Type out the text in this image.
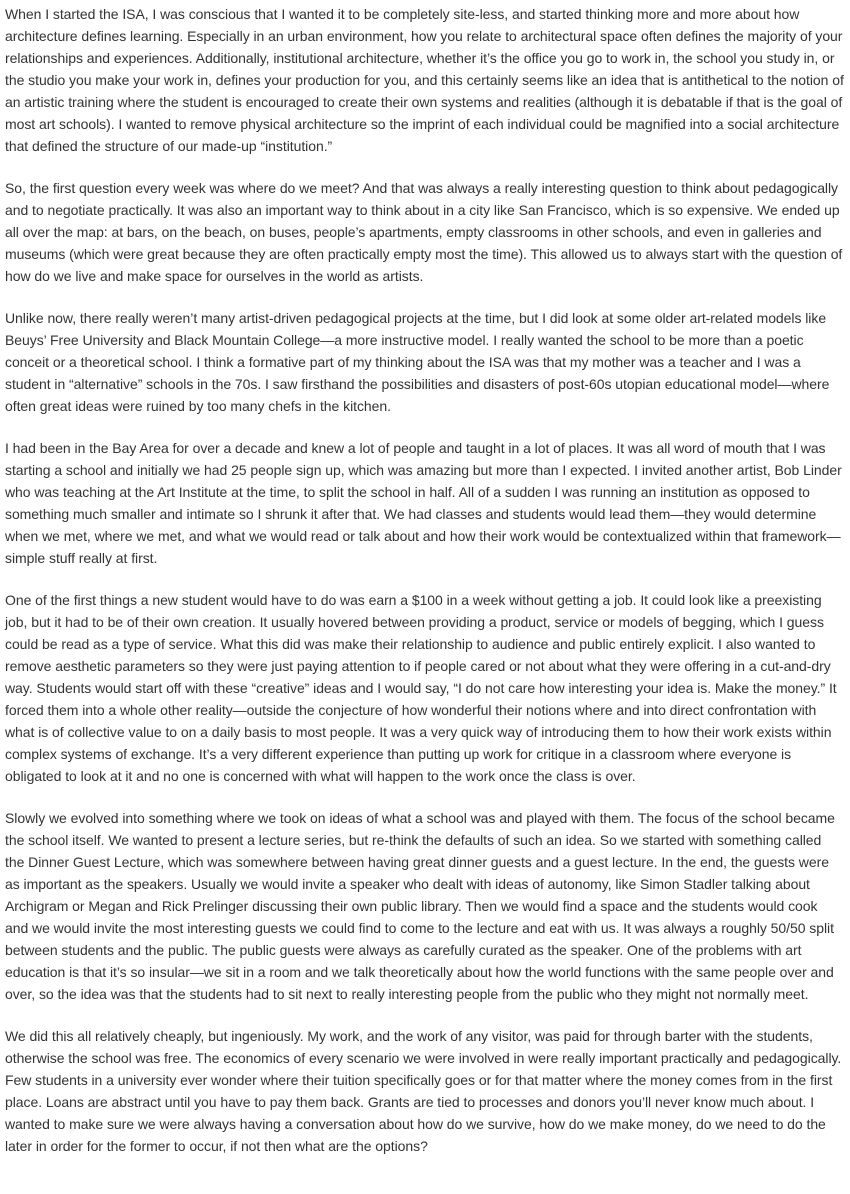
When I started the ISA, I was conscious that I wanted it to be completely site-less, and started thinking more and more about how architecture defines learning. Especially in an urban environment, how you relate to architectural space often defines the majority of your relationships and experiences. Additionally, institutional architecture, whether it’s the office you go to work in, the school you study in, or the studio you make your work in, defines your production for you, and this certainly seems like an idea that is antithetical to the notion of an artistic training where the student is encouraged to create their own systems and realities (although it is debatable if that is the goal of most art schools). I wanted to remove physical architecture so the imprint of each individual could be magnified into a social architecture that defined the structure of our made-up “institution.”

So, the first question every week was where do we meet? And that was always a really interesting question to think about pedagogically and to negotiate practically. It was also an important way to think about in a city like San Francisco, which is so expensive. We ended up all over the map: at bars, on the beach, on buses, people’s apartments, empty classrooms in other schools, and even in galleries and museums (which were great because they are often practically empty most the time). This allowed us to always start with the question of how do we live and make space for ourselves in the world as artists.

Unlike now, there really weren’t many artist-driven pedagogical projects at the time, but I did look at some older art-related models like Beuys’ Free University and Black Mountain College—a more instructive model. I really wanted the school to be more than a poetic conceit or a theoretical school. I think a formative part of my thinking about the ISA was that my mother was a teacher and I was a student in “alternative” schools in the 70s. I saw firsthand the possibilities and disasters of post-60s utopian educational model—where often great ideas were ruined by too many chefs in the kitchen.

I had been in the Bay Area for over a decade and knew a lot of people and taught in a lot of places. It was all word of mouth that I was starting a school and initially we had 25 people sign up, which was amazing but more than I expected. I invited another artist, Bob Linder who was teaching at the Art Institute at the time, to split the school in half. All of a sudden I was running an institution as opposed to something much smaller and intimate so I shrunk it after that. We had classes and students would lead them—they would determine when we met, where we met, and what we would read or talk about and how their work would be contextualized within that framework—simple stuff really at first.

One of the first things a new student would have to do was earn a $100 in a week without getting a job. It could look like a preexisting job, but it had to be of their own creation. It usually hovered between providing a product, service or models of begging, which I guess could be read as a type of service. What this did was make their relationship to audience and public entirely explicit. I also wanted to remove aesthetic parameters so they were just paying attention to if people cared or not about what they were offering in a cut-and-dry way. Students would start off with these “creative” ideas and I would say, “I do not care how interesting your idea is. Make the money.” It forced them into a whole other reality—outside the conjecture of how wonderful their notions where and into direct confrontation with what is of collective value to on a daily basis to most people. It was a very quick way of introducing them to how their work exists within complex systems of exchange. It’s a very different experience than putting up work for critique in a classroom where everyone is obligated to look at it and no one is concerned with what will happen to the work once the class is over.

Slowly we evolved into something where we took on ideas of what a school was and played with them. The focus of the school became the school itself. We wanted to present a lecture series, but re-think the defaults of such an idea. So we started with something called the Dinner Guest Lecture, which was somewhere between having great dinner guests and a guest lecture. In the end, the guests were as important as the speakers. Usually we would invite a speaker who dealt with ideas of autonomy, like Simon Stadler talking about Archigram or Megan and Rick Prelinger discussing their own public library. Then we would find a space and the students would cook and we would invite the most interesting guests we could find to come to the lecture and eat with us. It was always a roughly 50/50 split between students and the public. The public guests were always as carefully curated as the speaker. One of the problems with art education is that it’s so insular—we sit in a room and we talk theoretically about how the world functions with the same people over and over, so the idea was that the students had to sit next to really interesting people from the public who they might not normally meet.

We did this all relatively cheaply, but ingeniously. My work, and the work of any visitor, was paid for through barter with the students, otherwise the school was free. The economics of every scenario we were involved in were really important practically and pedagogically. Few students in a university ever wonder where their tuition specifically goes or for that matter where the money comes from in the first place. Loans are abstract until you have to pay them back. Grants are tied to processes and donors you’ll never know much about. I wanted to make sure we were always having a conversation about how do we survive, how do we make money, do we need to do the later in order for the former to occur, if not then what are the options?
